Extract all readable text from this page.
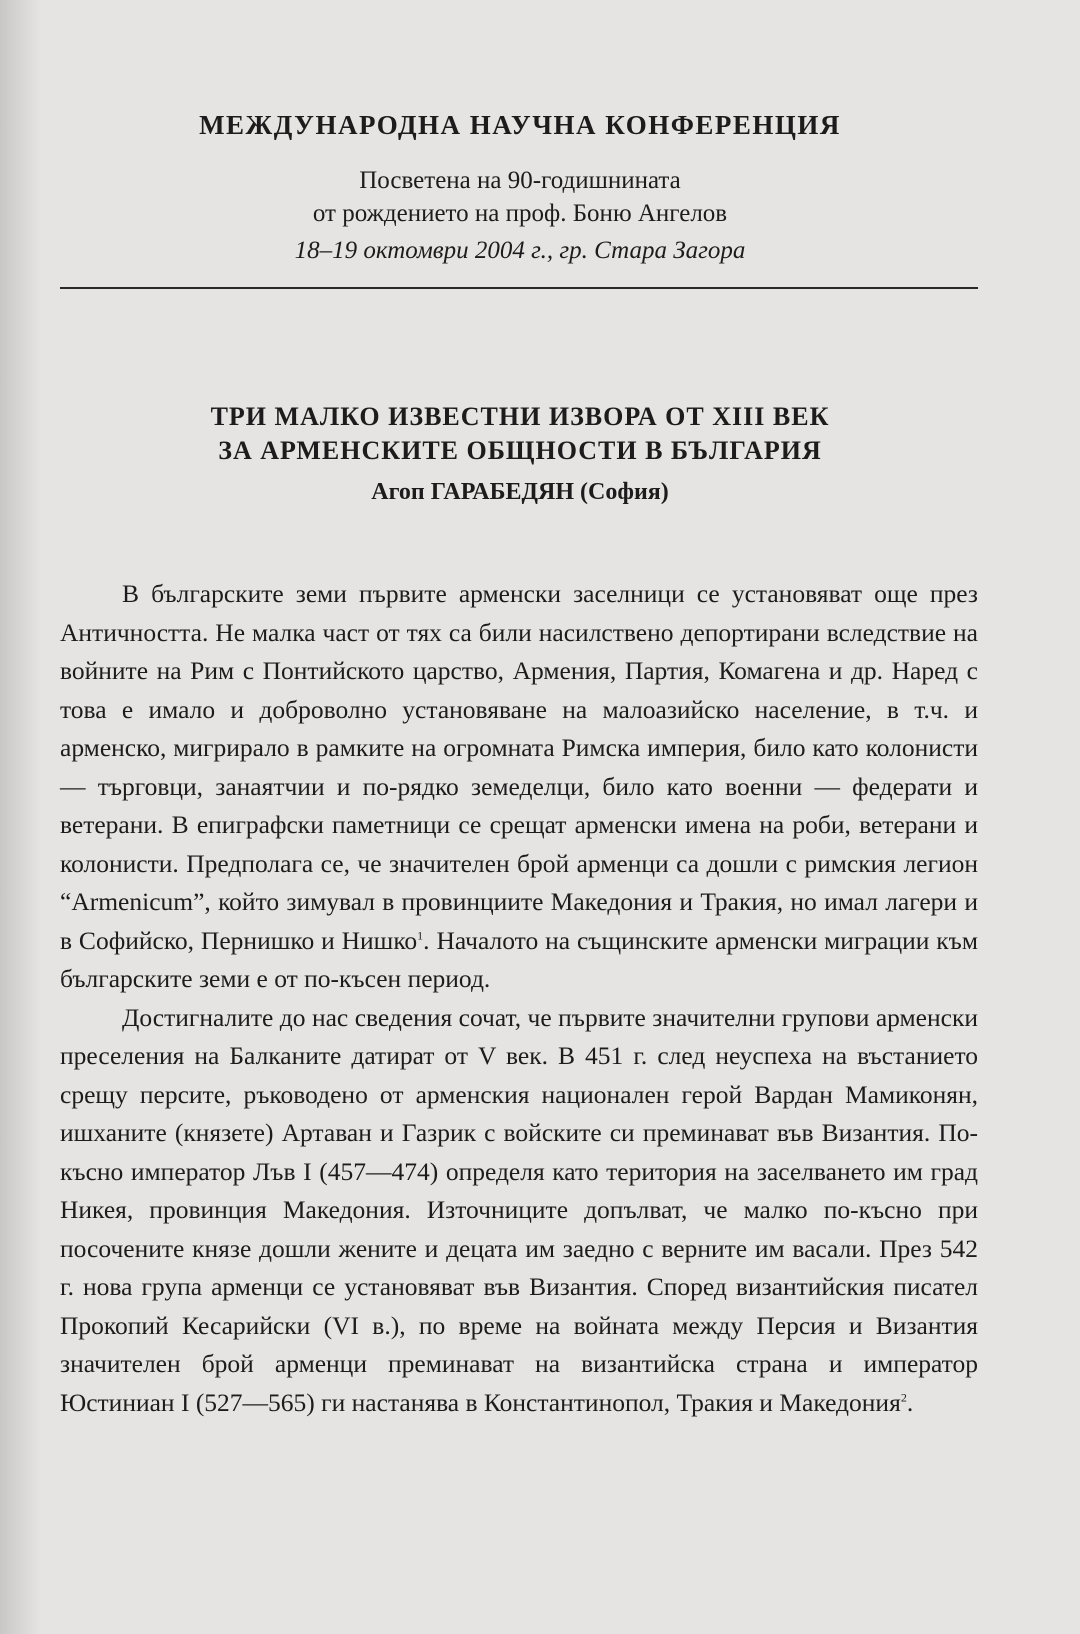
МЕЖДУНАРОДНА НАУЧНА КОНФЕРЕНЦИЯ
Посветена на 90-годишнината
от рождението на проф. Боню Ангелов
18–19 октомври 2004 г., гр. Стара Загора
ТРИ МАЛКО ИЗВЕСТНИ ИЗВОРА ОТ XIII ВЕК
ЗА АРМЕНСКИТЕ ОБЩНОСТИ В БЪЛГАРИЯ
Агоп ГАРАБЕДЯН (София)

В българските земи първите арменски заселници се установяват още през Античността. Не малка част от тях са били насилствено депортирани вследствие на войните на Рим с Понтийското царство, Армения, Партия, Комагена и др. Наред с това е имало и доброволно установяване на малоазийско население, в т.ч. и арменско, мигрирало в рамките на огромната Римска империя, било като колонисти — търговци, занаятчии и по-рядко земеделци, било като военни — федерати и ветерани. В епиграфски паметници се срещат арменски имена на роби, ветерани и колонисти. Предполага се, че значителен брой арменци са дошли с римския легион “Armenicum”, който зимувал в провинциите Македония и Тракия, но имал лагери и в Софийско, Пернишко и Нишко$^1$. Началото на същинските арменски миграции към българските земи е от по-късен период.

Достигналите до нас сведения сочат, че първите значителни групови арменски преселения на Балканите датират от V век. В 451 г. след неуспеха на въстанието срещу персите, ръководено от арменския национален герой Вардан Мамиконян, ишханите (князете) Артаван и Газрик с войските си преминават във Византия. По-късно император Лъв I (457—474) определя като територия на заселването им град Никея, провинция Македония. Източниците допълват, че малко по-късно при посочените князе дошли жените и децата им заедно с верните им васали. През 542 г. нова група арменци се установяват във Византия. Според византийския писател Прокопий Кесарийски (VI в.), по време на войната между Персия и Византия значителен брой арменци преминават на византийска страна и император Юстиниан I (527—565) ги настанява в Константинопол, Тракия и Македония$^2$.
